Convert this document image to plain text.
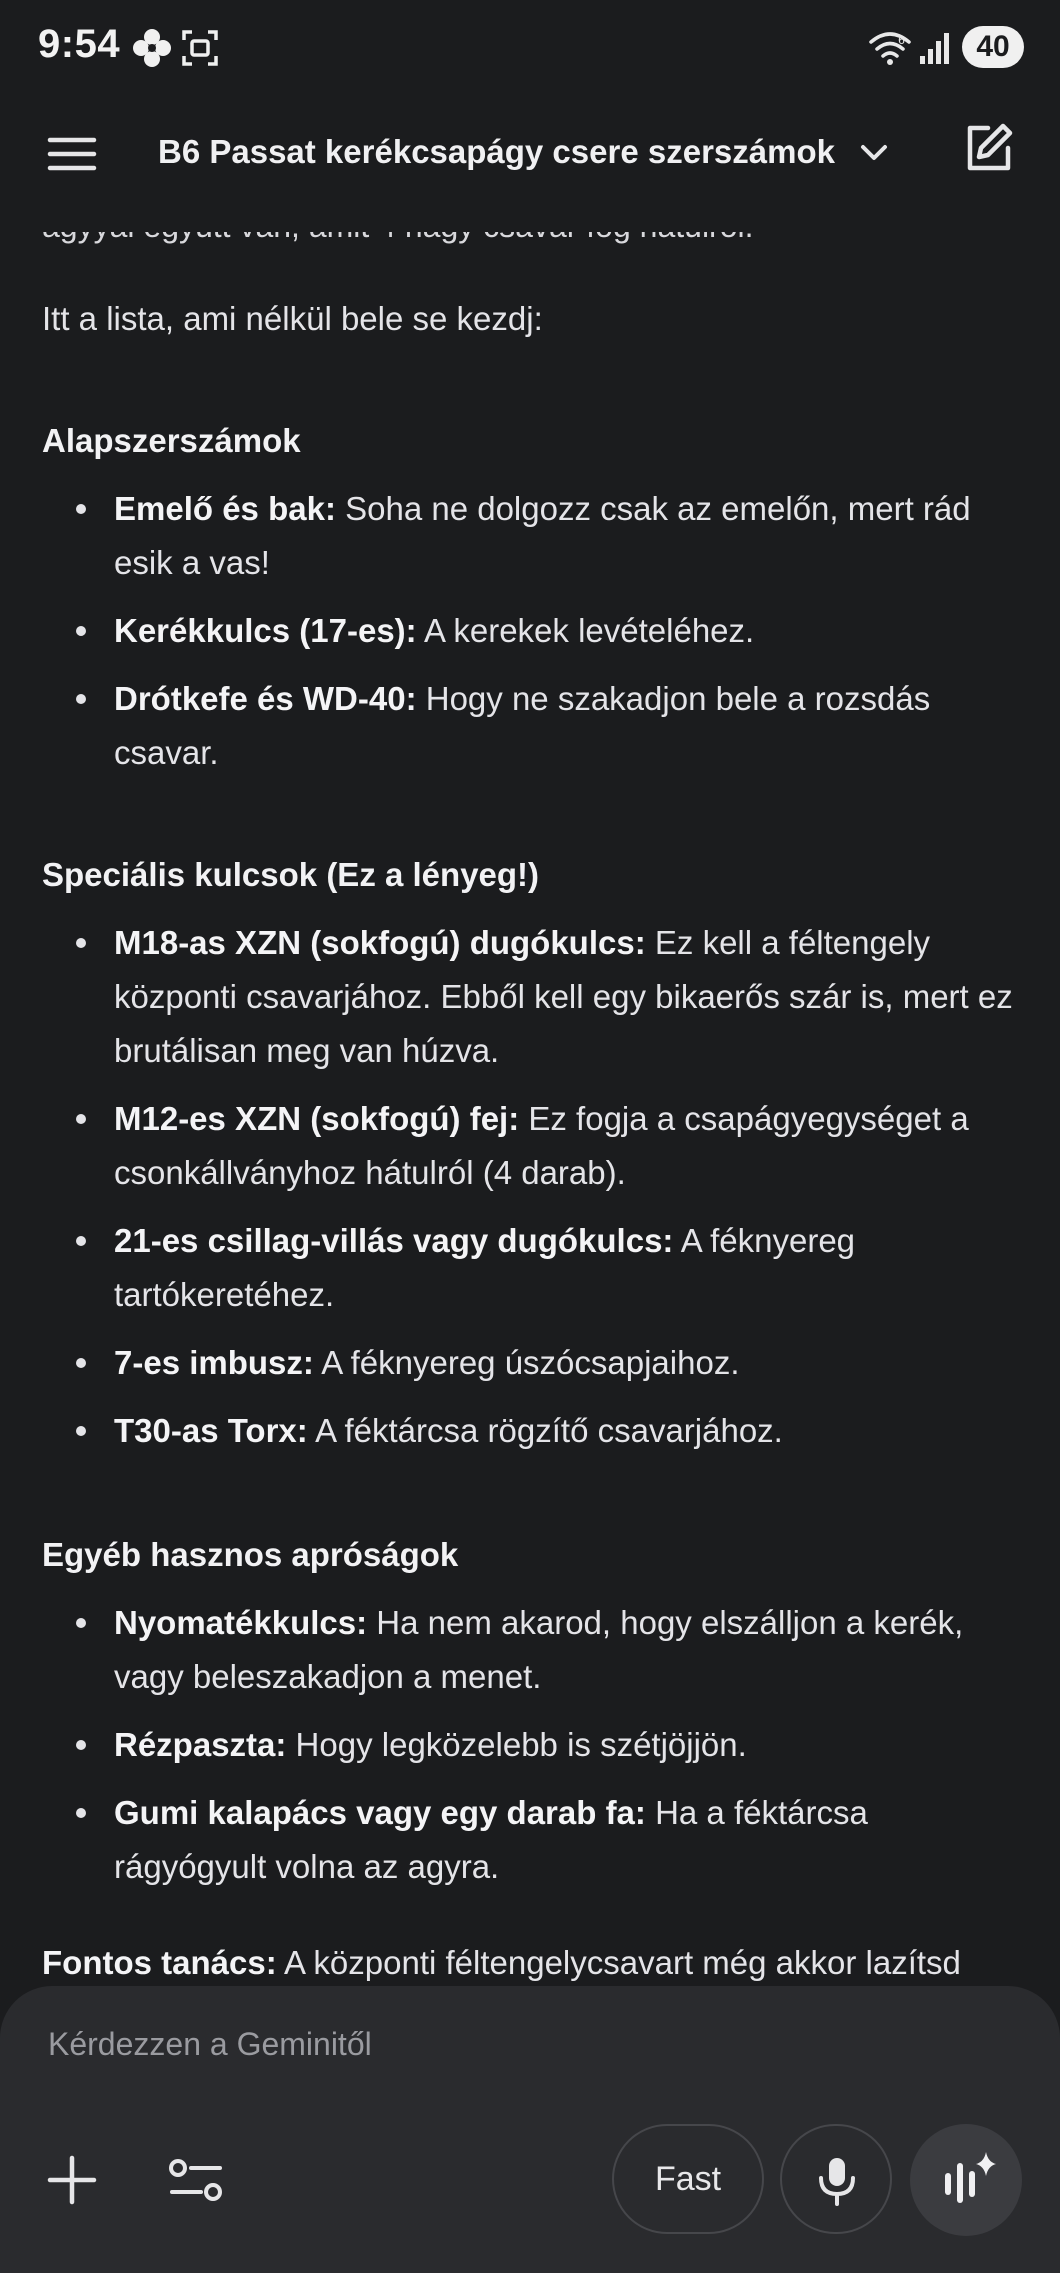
9:54	6	40
B6 Passat kerékcsapágy csere szerszámok

Itt a lista, ami nélkül bele se kezdj:

Alapszerszámok

Emelő és bak: Soha ne dolgozz csak az emelőn, mert rád esik a vas!
Kerékkulcs (17-es): A kerekek levételéhez.
Drótkefe és WD-40: Hogy ne szakadjon bele a rozsdás csavar.

Speciális kulcsok (Ez a lényeg!)

M18-as XZN (sokfogú) dugókulcs: Ez kell a féltengely központi csavarjához. Ebből kell egy bikaerős szár is, mert ez brutálisan meg van húzva.
M12-es XZN (sokfogú) fej: Ez fogja a csapágyegységet a csonkállványhoz hátulról (4 darab).
21-es csillag-villás vagy dugókulcs: A féknyereg tartókeretéhez.
7-es imbusz: A féknyereg úszócsapjaihoz.
T30-as Torx: A féktárcsa rögzítő csavarjához.

Egyéb hasznos apróságok

Nyomatékkulcs: Ha nem akarod, hogy elszálljon a kerék, vagy beleszakadjon a menet.
Rézpaszta: Hogy legközelebb is szétjöjjön.
Gumi kalapács vagy egy darab fa: Ha a féktárcsa rágyógyult volna az agyra.

Fontos tanács: A központi féltengelycsavart még akkor lazítsd

Kérdezzen a Geminitől
Fast
